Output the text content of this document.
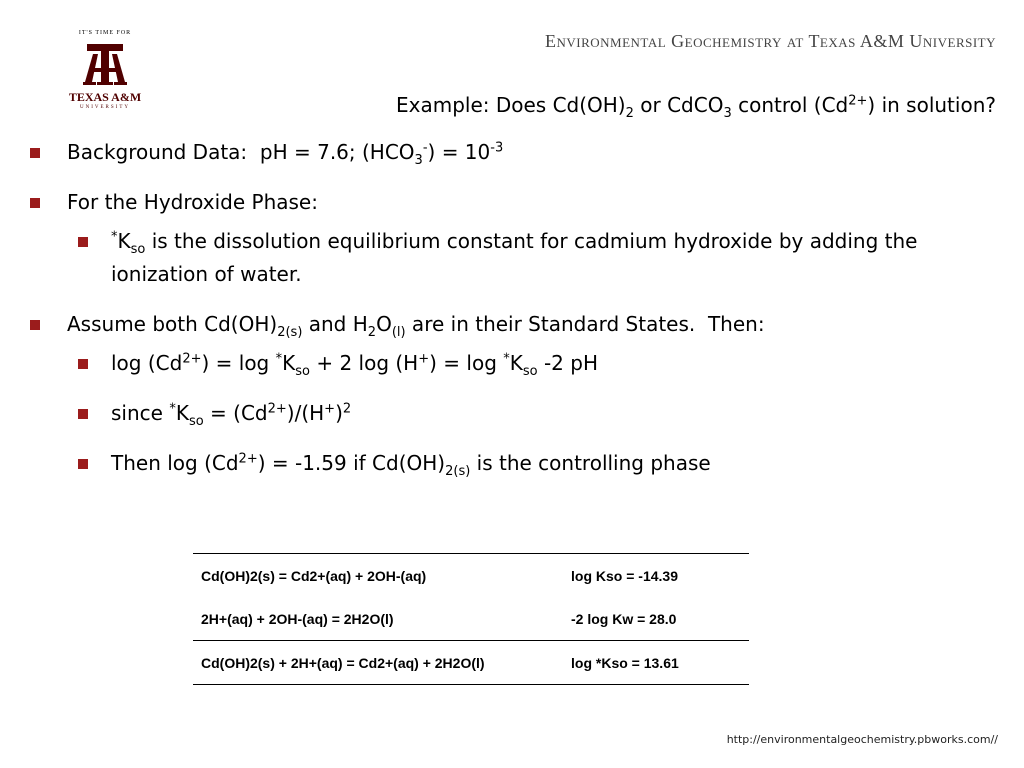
IT'S TIME FOR
TEXAS A&M
UNIVERSITY
Environmental Geochemistry at Texas A&M University
Example: Does $Cd(OH)_2$ or CdCO$_3$ control $(Cd^{2+})$ in solution?
Background Data:  pH = 7.6; $(HCO_3^-) = 10^{-3}$
For the Hydroxide Phase:
$^*K_{so}$ is the dissolution equilibrium constant for cadmium hydroxide by adding the ionization of water.
Assume both $Cd(OH)_{2(s)}$ and $H_2O_{(l)}$ are in their Standard States.  Then:
$\log (Cd^{2+}) = \log ^*K_{so} + 2$ $\log (H^+) = \log ^*K_{so}$ -2 pH
since $^*K_{so} = (Cd^{2+})/(H^+)^2$
Then $\log (Cd^{2+}) = -1.59$ if $Cd(OH)_{2(s)}$ is the controlling phase
Cd(OH)2(s) = Cd2+(aq) + 2OH-(aq)	log Kso = -14.39
2H+(aq) + 2OH-(aq) = 2H2O(l)	-2 log Kw = 28.0
Cd(OH)2(s) + 2H+(aq) = Cd2+(aq) + 2H2O(l)	log *Kso = 13.61
http://environmentalgeochemistry.pbworks.com//
